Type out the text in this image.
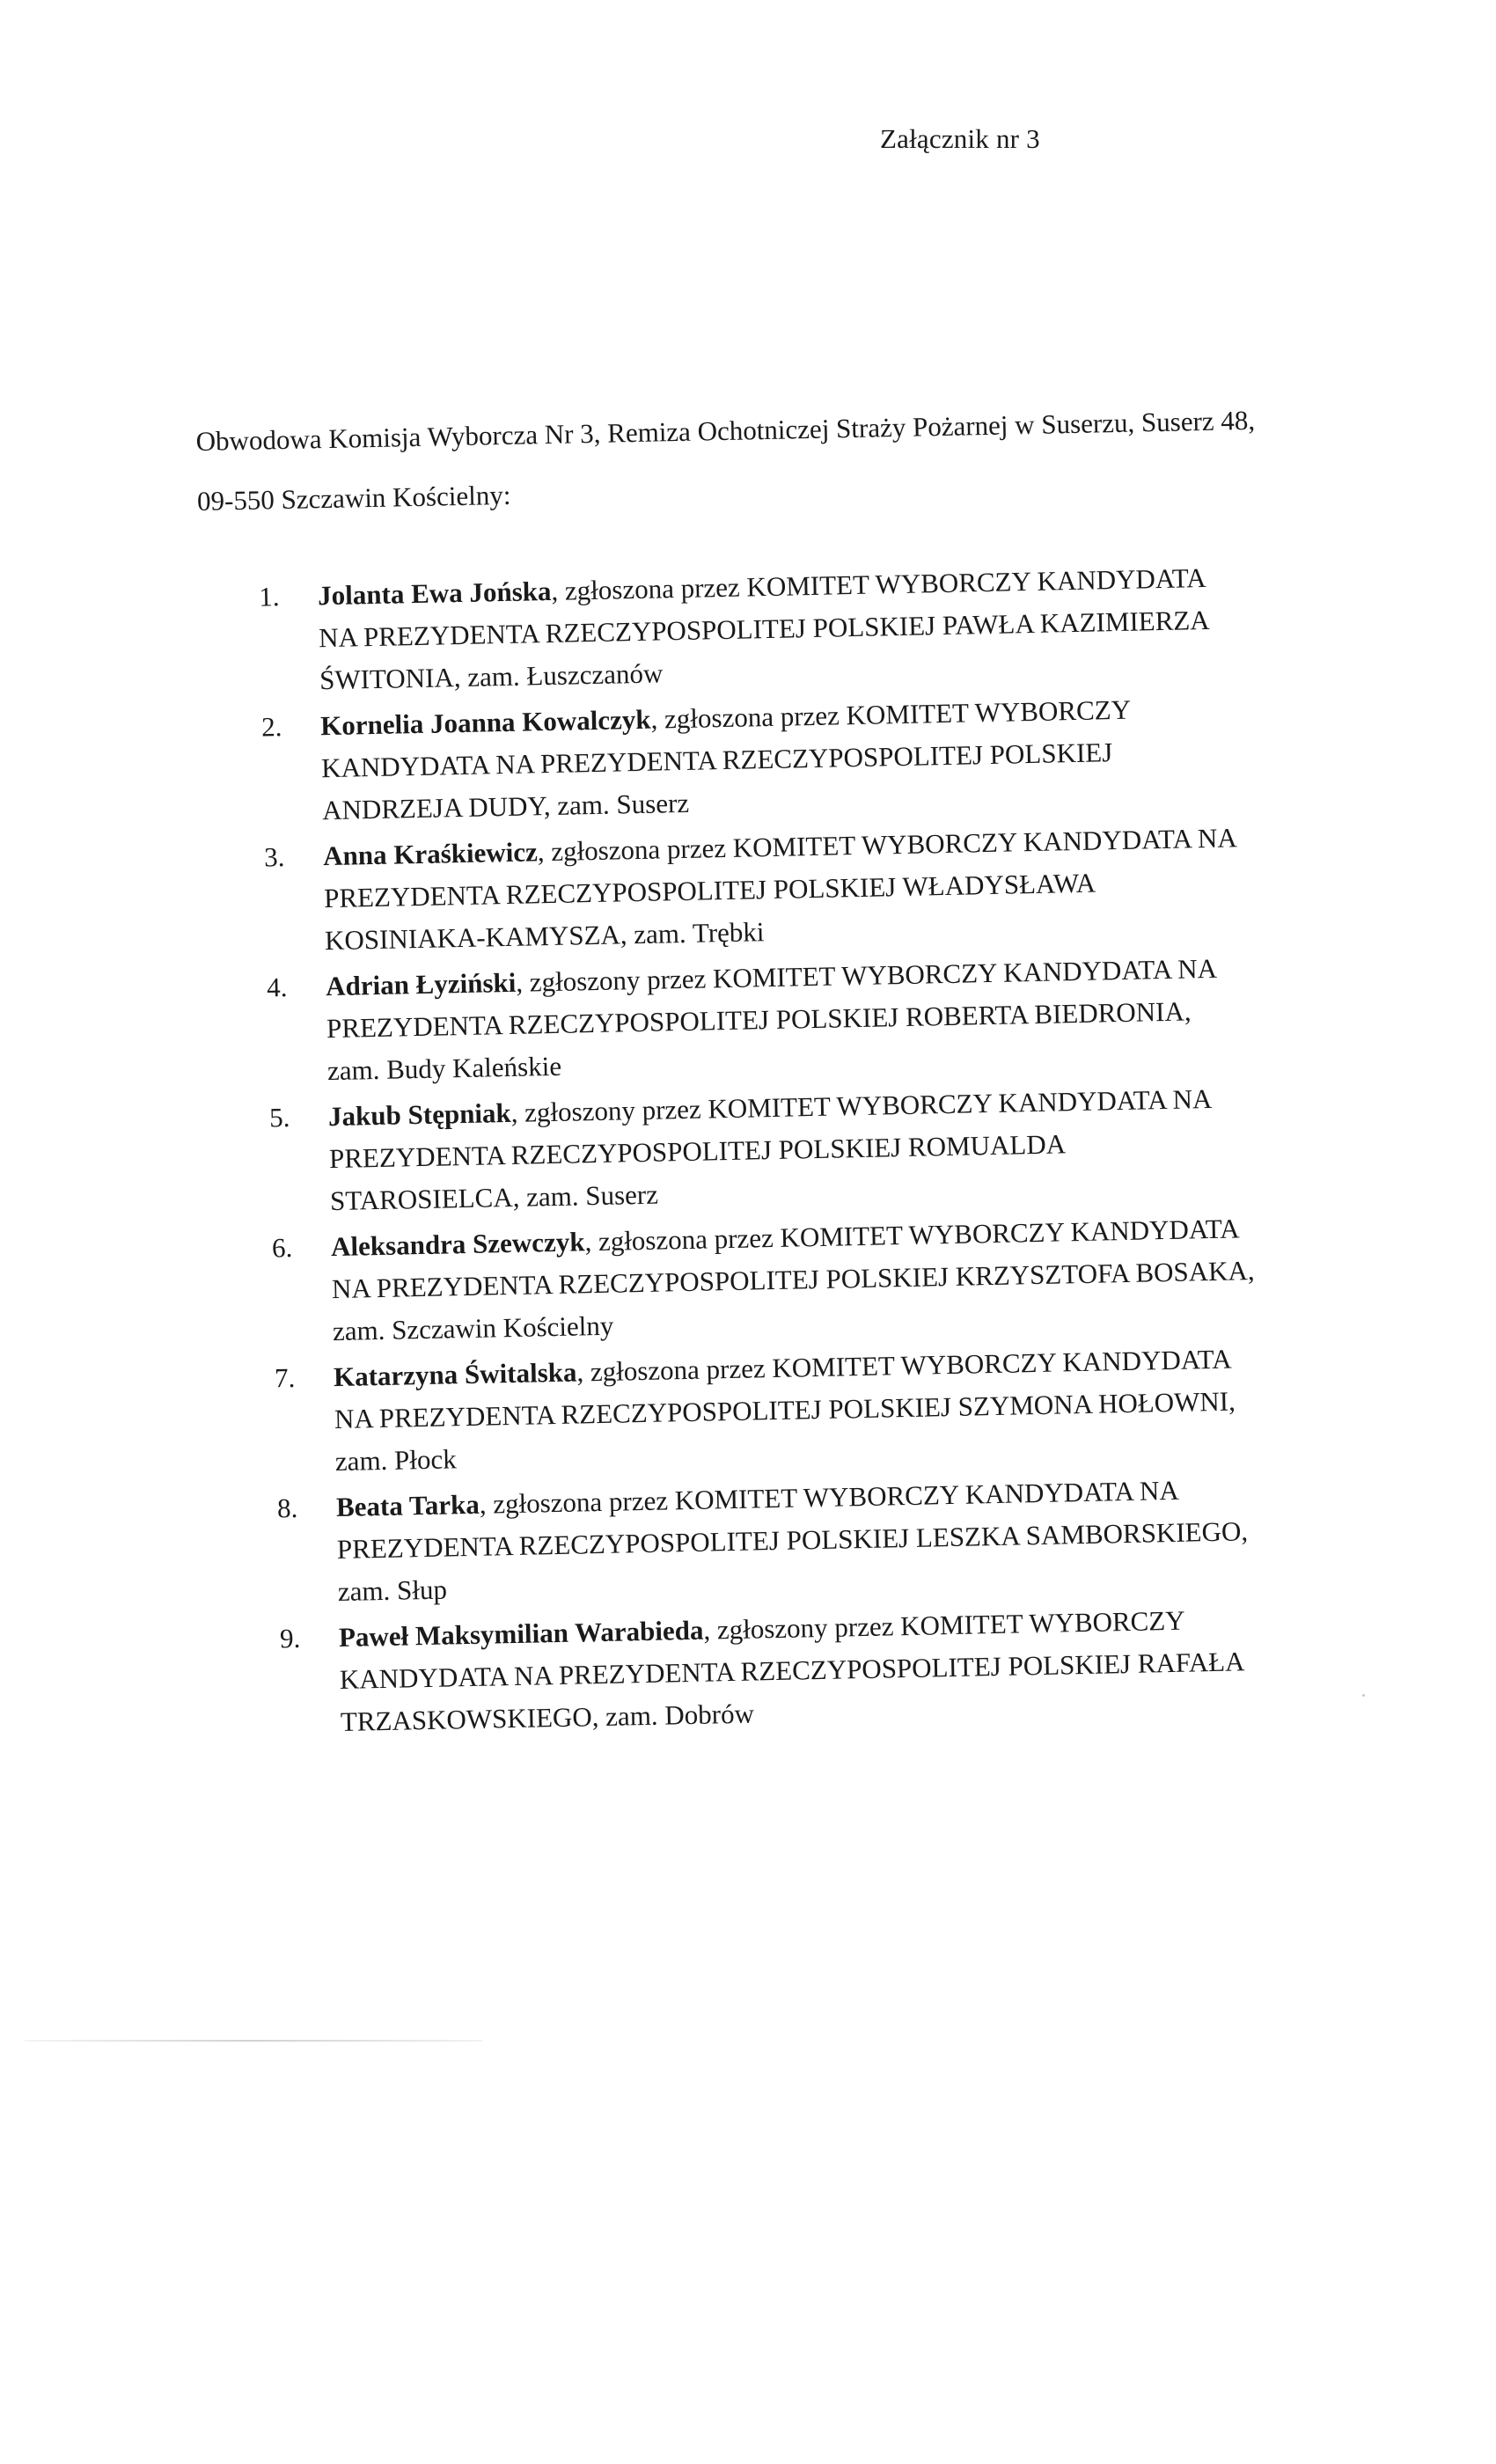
Załącznik nr 3
Obwodowa Komisja Wyborcza Nr 3, Remiza Ochotniczej Straży Pożarnej w Suserzu, Suserz 48,
09-550 Szczawin Kościelny:
1. Jolanta Ewa Jońska, zgłoszona przez KOMITET WYBORCZY KANDYDATA
NA PREZYDENTA RZECZYPOSPOLITEJ POLSKIEJ PAWŁA KAZIMIERZA
ŚWITONIA, zam. Łuszczanów
2. Kornelia Joanna Kowalczyk, zgłoszona przez KOMITET WYBORCZY
KANDYDATA NA PREZYDENTA RZECZYPOSPOLITEJ POLSKIEJ
ANDRZEJA DUDY, zam. Suserz
3. Anna Kraśkiewicz, zgłoszona przez KOMITET WYBORCZY KANDYDATA NA
PREZYDENTA RZECZYPOSPOLITEJ POLSKIEJ WŁADYSŁAWA
KOSINIAKA-KAMYSZA, zam. Trębki
4. Adrian Łyziński, zgłoszony przez KOMITET WYBORCZY KANDYDATA NA
PREZYDENTA RZECZYPOSPOLITEJ POLSKIEJ ROBERTA BIEDRONIA,
zam. Budy Kaleńskie
5. Jakub Stępniak, zgłoszony przez KOMITET WYBORCZY KANDYDATA NA
PREZYDENTA RZECZYPOSPOLITEJ POLSKIEJ ROMUALDA
STAROSIELCA, zam. Suserz
6. Aleksandra Szewczyk, zgłoszona przez KOMITET WYBORCZY KANDYDATA
NA PREZYDENTA RZECZYPOSPOLITEJ POLSKIEJ KRZYSZTOFA BOSAKA,
zam. Szczawin Kościelny
7. Katarzyna Świtalska, zgłoszona przez KOMITET WYBORCZY KANDYDATA
NA PREZYDENTA RZECZYPOSPOLITEJ POLSKIEJ SZYMONA HOŁOWNI,
zam. Płock
8. Beata Tarka, zgłoszona przez KOMITET WYBORCZY KANDYDATA NA
PREZYDENTA RZECZYPOSPOLITEJ POLSKIEJ LESZKA SAMBORSKIEGO,
zam. Słup
9. Paweł Maksymilian Warabieda, zgłoszony przez KOMITET WYBORCZY
KANDYDATA NA PREZYDENTA RZECZYPOSPOLITEJ POLSKIEJ RAFAŁA
TRZASKOWSKIEGO, zam. Dobrów
